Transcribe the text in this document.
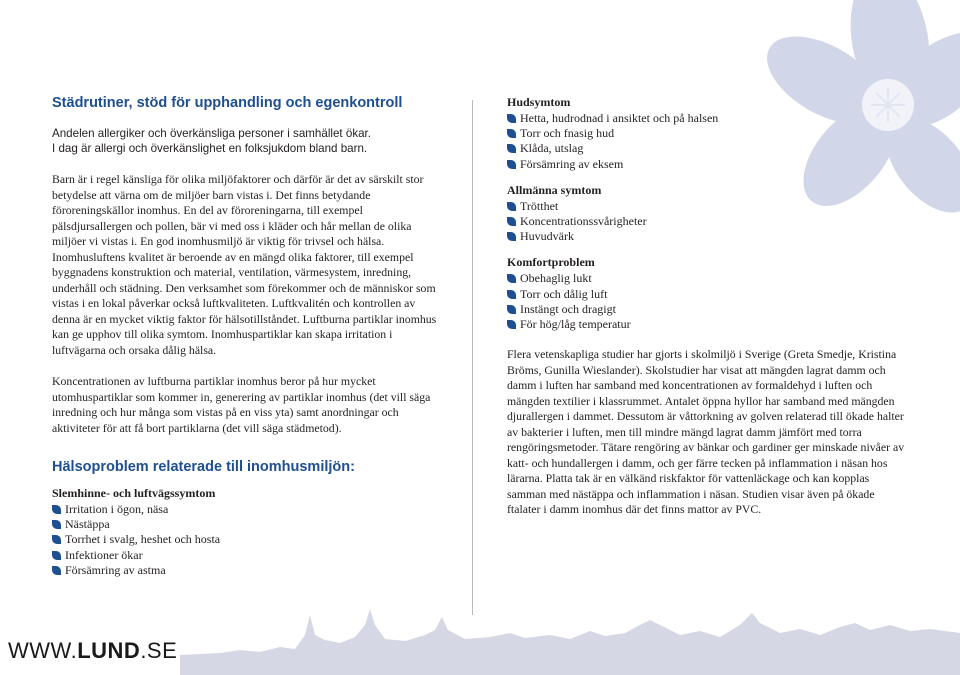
Städrutiner, stöd för upphandling och egenkontroll
Andelen allergiker och överkänsliga personer i samhället ökar.
I dag är allergi och överkänslighet en folksjukdom bland barn.
Barn är i regel känsliga för olika miljöfaktorer och därför är det av särskilt stor betydelse att värna om de miljöer barn vistas i. Det finns betydande föroreningskällor inomhus. En del av föroreningarna, till exempel pälsdjursallergen och pollen, bär vi med oss i kläder och hår mellan de olika miljöer vi vistas i. En god inomhusmiljö är viktig för trivsel och hälsa. Inomhusluftens kvalitet är beroende av en mängd olika faktorer, till exempel byggnadens konstruktion och material, ventilation, värmesystem, inredning, underhåll och städning. Den verksamhet som förekommer och de människor som vistas i en lokal påverkar också luftkvaliteten. Luftkvalitén och kontrollen av denna är en mycket viktig faktor för hälsotillståndet. Luftburna partiklar inomhus kan ge upphov till olika symtom. Inomhuspartiklar kan skapa irritation i luftvägarna och orsaka dålig hälsa.
Koncentrationen av luftburna partiklar inomhus beror på hur mycket utomhuspartiklar som kommer in, generering av partiklar inomhus (det vill säga inredning och hur många som vistas på en viss yta) samt anordningar och aktiviteter för att få bort partiklarna (det vill säga städmetod).
Hälsoproblem relaterade till inomhusmiljön:
Slemhinne- och luftvägssymtom
Irritation i ögon, näsa
Nästäppa
Torrhet i svalg, heshet och hosta
Infektioner ökar
Försämring av astma
Hudsymtom
Hetta, hudrodnad i ansiktet och på halsen
Torr och fnasig hud
Klåda, utslag
Försämring av eksem
Allmänna symtom
Trötthet
Koncentrationssvårigheter
Huvudvärk
Komfortproblem
Obehaglig lukt
Torr och dålig luft
Instängt och dragigt
För hög/låg temperatur
Flera vetenskapliga studier har gjorts i skolmiljö i Sverige (Greta Smedje, Kristina Bröms, Gunilla Wieslander). Skolstudier har visat att mängden lagrat damm och damm i luften har samband med koncentrationen av formaldehyd i luften och mängden textilier i klassrummet. Antalet öppna hyllor har samband med mängden djurallergen i dammet. Dessutom är våttorkning av golven relaterad till ökade halter av bakterier i luften, men till mindre mängd lagrat damm jämfört med torra rengöringsmetoder. Tätare rengöring av bänkar och gardiner ger minskade nivåer av katt- och hundallergen i damm, och ger färre tecken på inflammation i näsan hos lärarna. Platta tak är en välkänd riskfaktor för vattenläckage och kan kopplas samman med nästäppa och inflammation i näsan. Studien visar även på ökade ftalater i damm inomhus där det finns mattor av PVC.
WWW.LUND.SE
